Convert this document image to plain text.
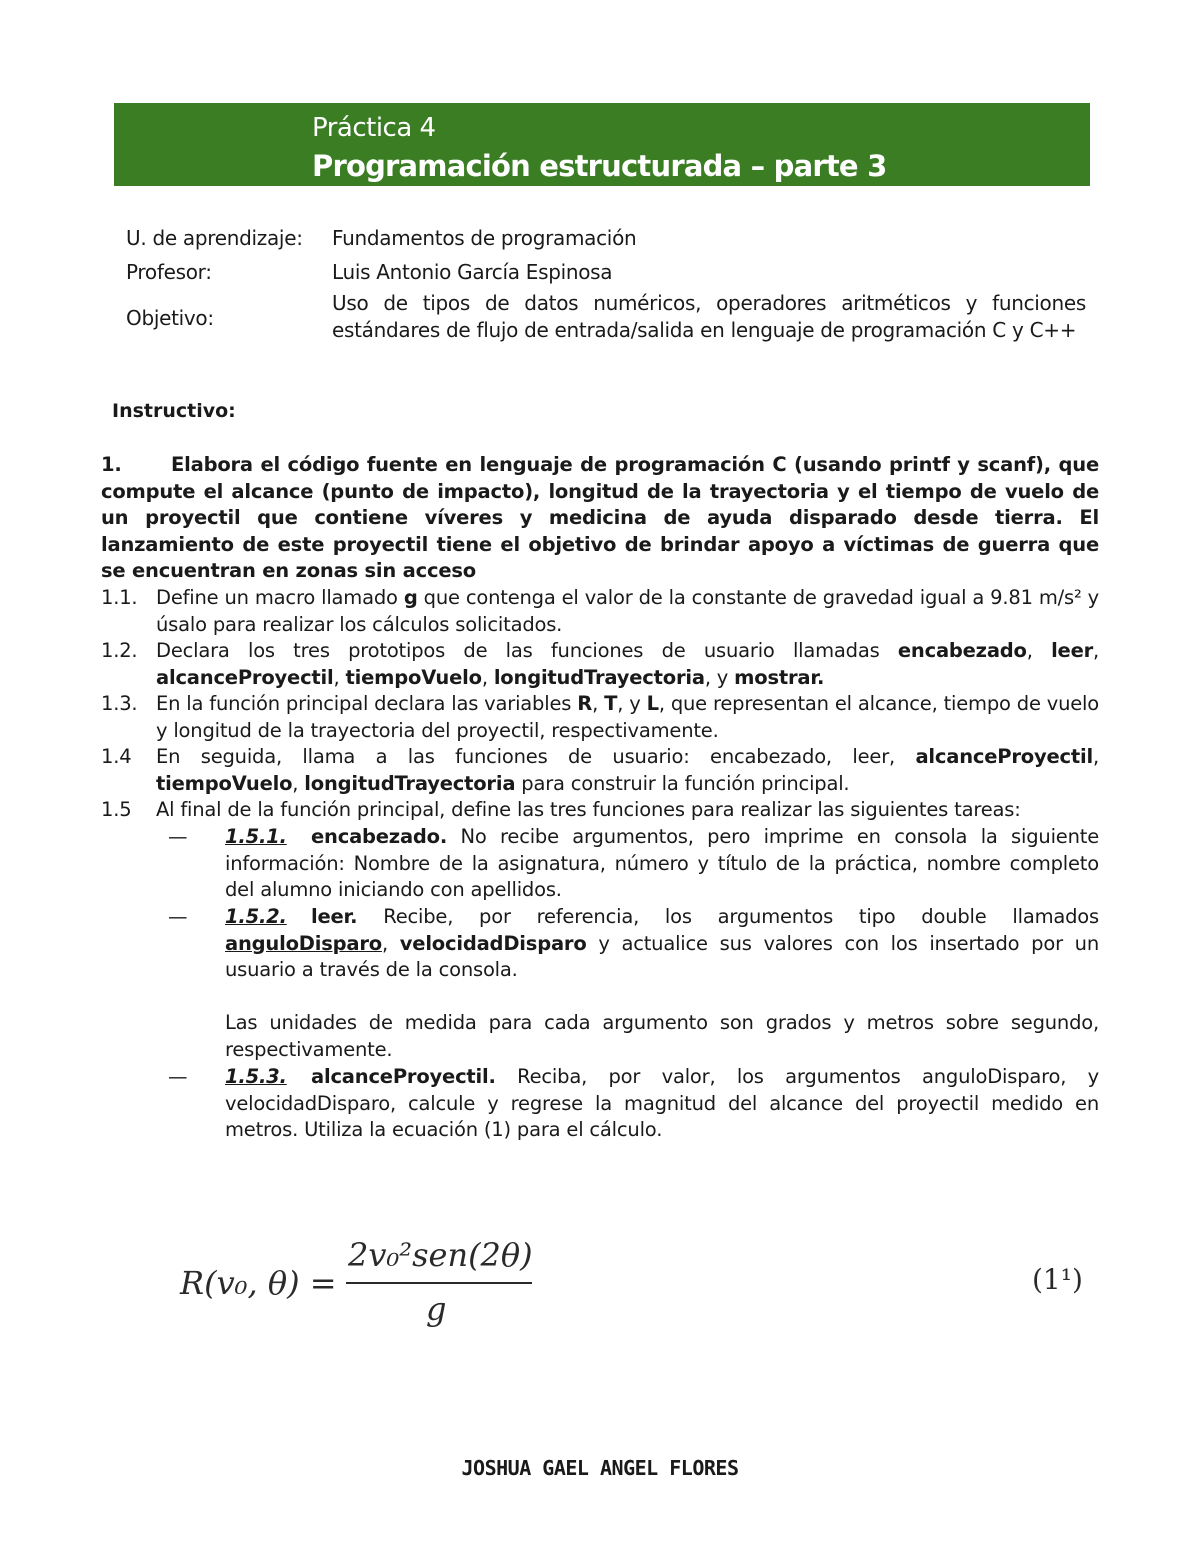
Práctica 4
Programación estructurada – parte 3
U. de aprendizaje: Fundamentos de programación
Profesor:	Luis Antonio García Espinosa
Objetivo:
Uso de tipos de datos numéricos, operadores aritméticos y funciones estándares de flujo de entrada/salida en lenguaje de programación C y C++
Instructivo:
1.	Elabora el código fuente en lenguaje de programación C (usando printf y scanf), que compute el alcance (punto de impacto), longitud de la trayectoria y el tiempo de vuelo de un proyectil que contiene víveres y medicina de ayuda disparado desde tierra. El lanzamiento de este proyectil tiene el objetivo de brindar apoyo a víctimas de guerra que se encuentran en zonas sin acceso
1.1. Define un macro llamado g que contenga el valor de la constante de gravedad igual a 9.81 m/s² y úsalo para realizar los cálculos solicitados.
1.2. Declara los tres prototipos de las funciones de usuario llamadas encabezado, leer, alcanceProyectil, tiempoVuelo, longitudTrayectoria, y mostrar.
1.3. En la función principal declara las variables R, T, y L, que representan el alcance, tiempo de vuelo y longitud de la trayectoria del proyectil, respectivamente.
1.4 En seguida, llama a las funciones de usuario: encabezado, leer, alcanceProyectil, tiempoVuelo, longitudTrayectoria para construir la función principal.
1.5 Al final de la función principal, define las tres funciones para realizar las siguientes tareas:
— 1.5.1. encabezado. No recibe argumentos, pero imprime en consola la siguiente información: Nombre de la asignatura, número y título de la práctica, nombre completo del alumno iniciando con apellidos.
— 1.5.2. leer. Recibe, por referencia, los argumentos tipo double llamados anguloDisparo, velocidadDisparo y actualice sus valores con los insertado por un usuario a través de la consola.
Las unidades de medida para cada argumento son grados y metros sobre segundo, respectivamente.
— 1.5.3. alcanceProyectil. Reciba, por valor, los argumentos anguloDisparo, y velocidadDisparo, calcule y regrese la magnitud del alcance del proyectil medido en metros. Utiliza la ecuación (1) para el cálculo.
R(v₀, θ) =
2v₀²sen(2θ)
g
(1¹)
JOSHUA GAEL ANGEL FLORES
